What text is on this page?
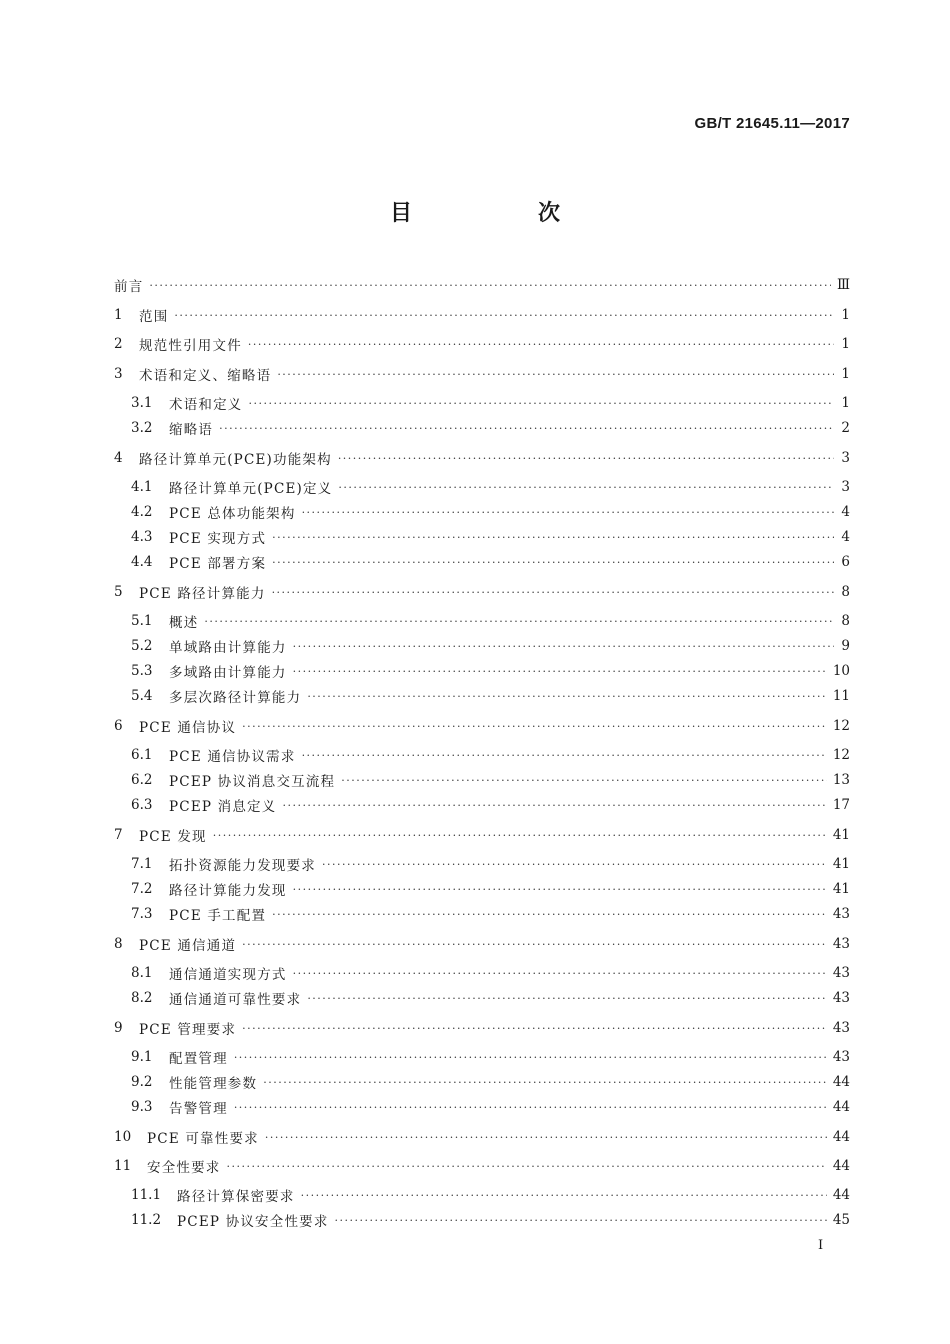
GB/T 21645.11—2017
目　次
前言 ·····	Ⅲ
1	范围 ·····	1
2	规范性引用文件 ·····	1
3	术语和定义、缩略语 ·····	1
3.1	术语和定义 ·····	1
3.2	缩略语 ·····	2
4	路径计算单元(PCE)功能架构 ·····	3
4.1	路径计算单元(PCE)定义 ·····	3
4.2	PCE 总体功能架构 ·····	4
4.3	PCE 实现方式 ·····	4
4.4	PCE 部署方案 ·····	6
5	PCE 路径计算能力 ·····	8
5.1	概述 ·····	8
5.2	单域路由计算能力 ·····	9
5.3	多域路由计算能力 ·····	10
5.4	多层次路径计算能力 ·····	11
6	PCE 通信协议 ·····	12
6.1	PCE 通信协议需求 ·····	12
6.2	PCEP 协议消息交互流程 ·····	13
6.3	PCEP 消息定义 ·····	17
7	PCE 发现 ·····	41
7.1	拓扑资源能力发现要求 ·····	41
7.2	路径计算能力发现 ·····	41
7.3	PCE 手工配置 ·····	43
8	PCE 通信通道 ·····	43
8.1	通信通道实现方式 ·····	43
8.2	通信通道可靠性要求 ·····	43
9	PCE 管理要求 ·····	43
9.1	配置管理 ·····	43
9.2	性能管理参数 ·····	44
9.3	告警管理 ·····	44
10	PCE 可靠性要求 ·····	44
11	安全性要求 ·····	44
11.1	路径计算保密要求 ·····	44
11.2	PCEP 协议安全性要求 ·····	45
I
